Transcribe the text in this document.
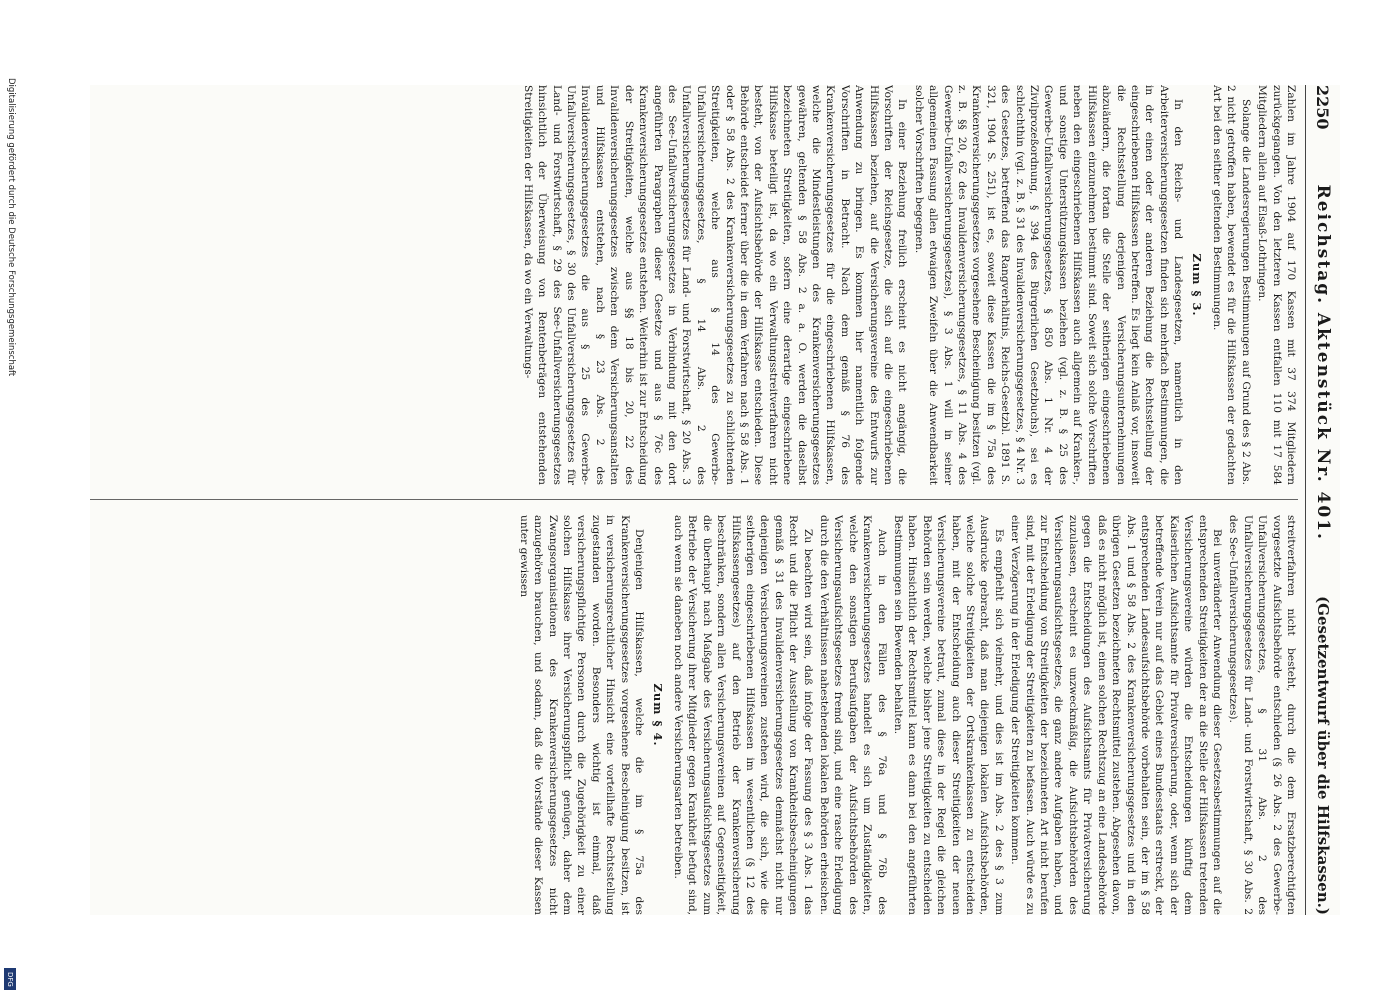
2250
Reichstag. Aktenstück Nr. 401.
(Gesetzentwurf über die Hilfskassen.)

Zahlen im Jahre 1904 auf 170 Kassen mit 37 374 Mitgliedern zurückgegangen. Von den letzteren Kassen entfallen 110 mit 17 584 Mitgliedern allein auf Elsaß-Lothringen.

Solange die Landesregierungen Bestimmungen auf Grund des § 2 Abs. 2 nicht getroffen haben, bewendet es für die Hilfskassen der gedachten Art bei den seither geltenden Bestimmungen.

Zum § 3.

In den Reichs- und Landesgesetzen, namentlich in den Arbeiterversicherungsgesetzen finden sich mehrfach Bestimmungen, die in der einen oder der anderen Beziehung die Rechtsstellung der eingeschriebenen Hilfskassen betreffen. Es liegt kein Anlaß vor, insoweit die Rechtsstellung derjenigen Versicherungsunternehmungen abzuändern, die fortan die Stelle der seitherigen eingeschriebenen Hilfskassen einzunehmen bestimmt sind. Soweit sich solche Vorschriften neben den eingeschriebenen Hilfskassen auch allgemein auf Kranken-, und sonstige Unterstützungskassen beziehen (vgl. z. B. § 25 des Gewerbe-Unfallversicherungsgesetzes, § 850 Abs. 1 Nr. 4 der Zivilprozeßordnung, § 394 des Bürgerlichen Gesetzbuchs), sei es schlechthin (vgl. z. B. § 31 des Invalidenversicherungsgesetzes, § 4 Nr. 3 des Gesetzes, betreffend das Rangverhältnis, Reichs-Gesetzbl. 1891 S. 321, 1904 S. 251), ist es, soweit diese Kassen die im § 75a des Krankenversicherungsgesetzes vorgesehene Bescheinigung besitzen (vgl. z. B. §§ 20, 62 des Invalidenversicherungsgesetzes, § 11 Abs. 4 des Gewerbe-Unfallversicherungsgesetzes), § 3 Abs. 1 will in seiner allgemeinen Fassung allen etwaigen Zweifeln über die Anwendbarkeit solcher Vorschriften begegnen.

In einer Beziehung freilich erscheint es nicht angängig, die Vorschriften der Reichsgesetze, die sich auf die eingeschriebenen Hilfskassen beziehen, auf die Versicherungsvereine des Entwurfs zur Anwendung zu bringen. Es kommen hier namentlich folgende Vorschriften in Betracht. Nach dem gemäß § 76 des Krankenversicherungsgesetzes für die eingeschriebenen Hilfskassen, welche die Mindestleistungen des Krankenversicherungsgesetzes gewähren, geltenden § 58 Abs. 2 a. a. O. werden die daselbst bezeichneten Streitigkeiten, sofern eine derartige eingeschriebene Hilfskasse beteiligt ist, da wo ein Verwaltungsstreitverfahren nicht besteht, von der Aufsichtsbehörde der Hilfskasse entschieden. Diese Behörde entscheidet ferner über die in dem Verfahren nach § 58 Abs. 1 oder § 58 Abs. 2 des Krankenversicherungsgesetzes zu schlichtenden Streitigkeiten, welche aus § 14 des Gewerbe-Unfallversicherungsgesetzes, § 14 Abs. 2 des Unfallversicherungsgesetzes für Land- und Forstwirtschaft, § 20 Abs. 3 des See-Unfallversicherungsgesetzes in Verbindung mit den dort angeführten Paragraphen dieser Gesetze und aus § 76c des Krankenversicherungsgesetzes entstehen. Weiterhin ist zur Entscheidung der Streitigkeiten, welche aus §§ 18 bis 20, 22 des Invalidenversicherungsgesetzes zwischen dem Versicherungsanstalten und Hilfskassen entstehen, nach § 23 Abs. 2 des Invalidenversicherungsgesetzes die aus § 25 des Gewerbe-Unfallversicherungsgesetzes, § 30 des Unfallversicherungsgesetzes für Land- und Forstwirtschaft, § 29 des See-Unfallversicherungsgesetzes hinsichtlich der Überweisung von Rentenbeträgen entstehenden Streitigkeiten der Hilfskassen, da wo ein Verwaltungs-

streitverfahren nicht besteht, durch die dem Ersatzberechtigten vorgesetzte Aufsichtsbehörde entschieden (§ 26 Abs. 2 des Gewerbe-Unfallversicherungsgesetzes, § 31 Abs. 2 des Unfallversicherungsgesetzes für Land- und Forstwirtschaft, § 30 Abs. 2 des See-Unfallversicherungsgesetzes).

Bei unveränderter Anwendung dieser Gesetzesbestimmungen auf die entsprechenden Streitigkeiten der an die Stelle der Hilfskassen tretenden Versicherungsvereine würden die Entscheidungen künftig dem Kaiserlichen Aufsichtsamte für Privatversicherung, oder, wenn sich der betreffende Verein nur auf das Gebiet eines Bundesstaats erstreckt, der entsprechenden Landesaufsichtsbehörde vorbehalten sein, der im § 58 Abs. 1 und § 58 Abs. 2 des Krankenversicherungsgesetzes und in den übrigen Gesetzen bezeichneten Rechtsmittel zustehen. Abgesehen davon, daß es nicht möglich ist, einen solchen Rechtszug an eine Landesbehörde gegen die Entscheidungen des Aufsichtsamts für Privatversicherung zuzulassen, erscheint es unzweckmäßig, die Aufsichtsbehörden des Versicherungsaufsichtsgesetzes, die ganz andere Aufgaben haben, und zur Entscheidung von Streitigkeiten der bezeichneten Art nicht berufen sind, mit der Erledigung der Streitigkeiten zu befassen. Auch würde es zu einer Verzögerung in der Erledigung der Streitigkeiten kommen.

Es empfiehlt sich vielmehr, und dies ist im Abs. 2 des § 3 zum Ausdrucke gebracht, daß man diejenigen lokalen Aufsichtsbehörden, welche solche Streitigkeiten der Ortskrankenkassen zu entscheiden haben, mit der Entscheidung auch dieser Streitigkeiten der neuen Versicherungsvereine betraut, zumal diese in der Regel die gleichen Behörden sein werden, welche bisher jene Streitigkeiten zu entscheiden haben. Hinsichtlich der Rechtsmittel kann es dann bei den angeführten Bestimmungen sein Bewenden behalten.

Auch in den Fällen des § 76a und § 76b des Krankenversicherungsgesetzes handelt es sich um Zuständigkeiten, welche den sonstigen Berufsaufgaben der Aufsichtsbehörden des Versicherungsaufsichtsgesetzes fremd sind, und eine rasche Erledigung durch die den Verhältnissen nahestehenden lokalen Behörden erheischen.

Zu beachten wird sein, daß infolge der Fassung des § 3 Abs. 1 das Recht und die Pflicht der Ausstellung von Krankheitsbescheinigungen gemäß § 31 des Invalidenversicherungsgesetzes demnächst nicht nur denjenigen Versicherungsvereinen zustehen wird, die sich, wie die seitherigen eingeschriebenen Hilfskassen im wesentlichen (§ 12 des Hilfskassengesetzes) auf den Betrieb der Krankenversicherung beschränken, sondern allen Versicherungsvereinen auf Gegenseitigkeit, die überhaupt nach Maßgabe des Versicherungsaufsichtsgesetzes zum Betriebe der Versicherung ihrer Mitglieder gegen Krankheit befugt sind, auch wenn sie daneben noch andere Versicherungsarten betreiben.

Zum § 4.

Denjenigen Hilfskassen, welche die im § 75a des Krankenversicherungsgesetzes vorgesehene Bescheinigung besitzen, ist in versicherungsrechtlicher Hinsicht eine vorteilhafte Rechtsstellung zugestanden worden. Besonders wichtig ist einmal, daß versicherungspflichtige Personen durch die Zugehörigkeit zu einer solchen Hilfskasse ihrer Versicherungspflicht genügen, daher dem Zwangsorganisationen des Krankenversicherungsgesetzes nicht anzugehören brauchen, und sodann, daß die Vorstände dieser Kassen unter gewissen

Digitalisierung gefördert durch die Deutsche Forschungsgemeinschaft
DFG
